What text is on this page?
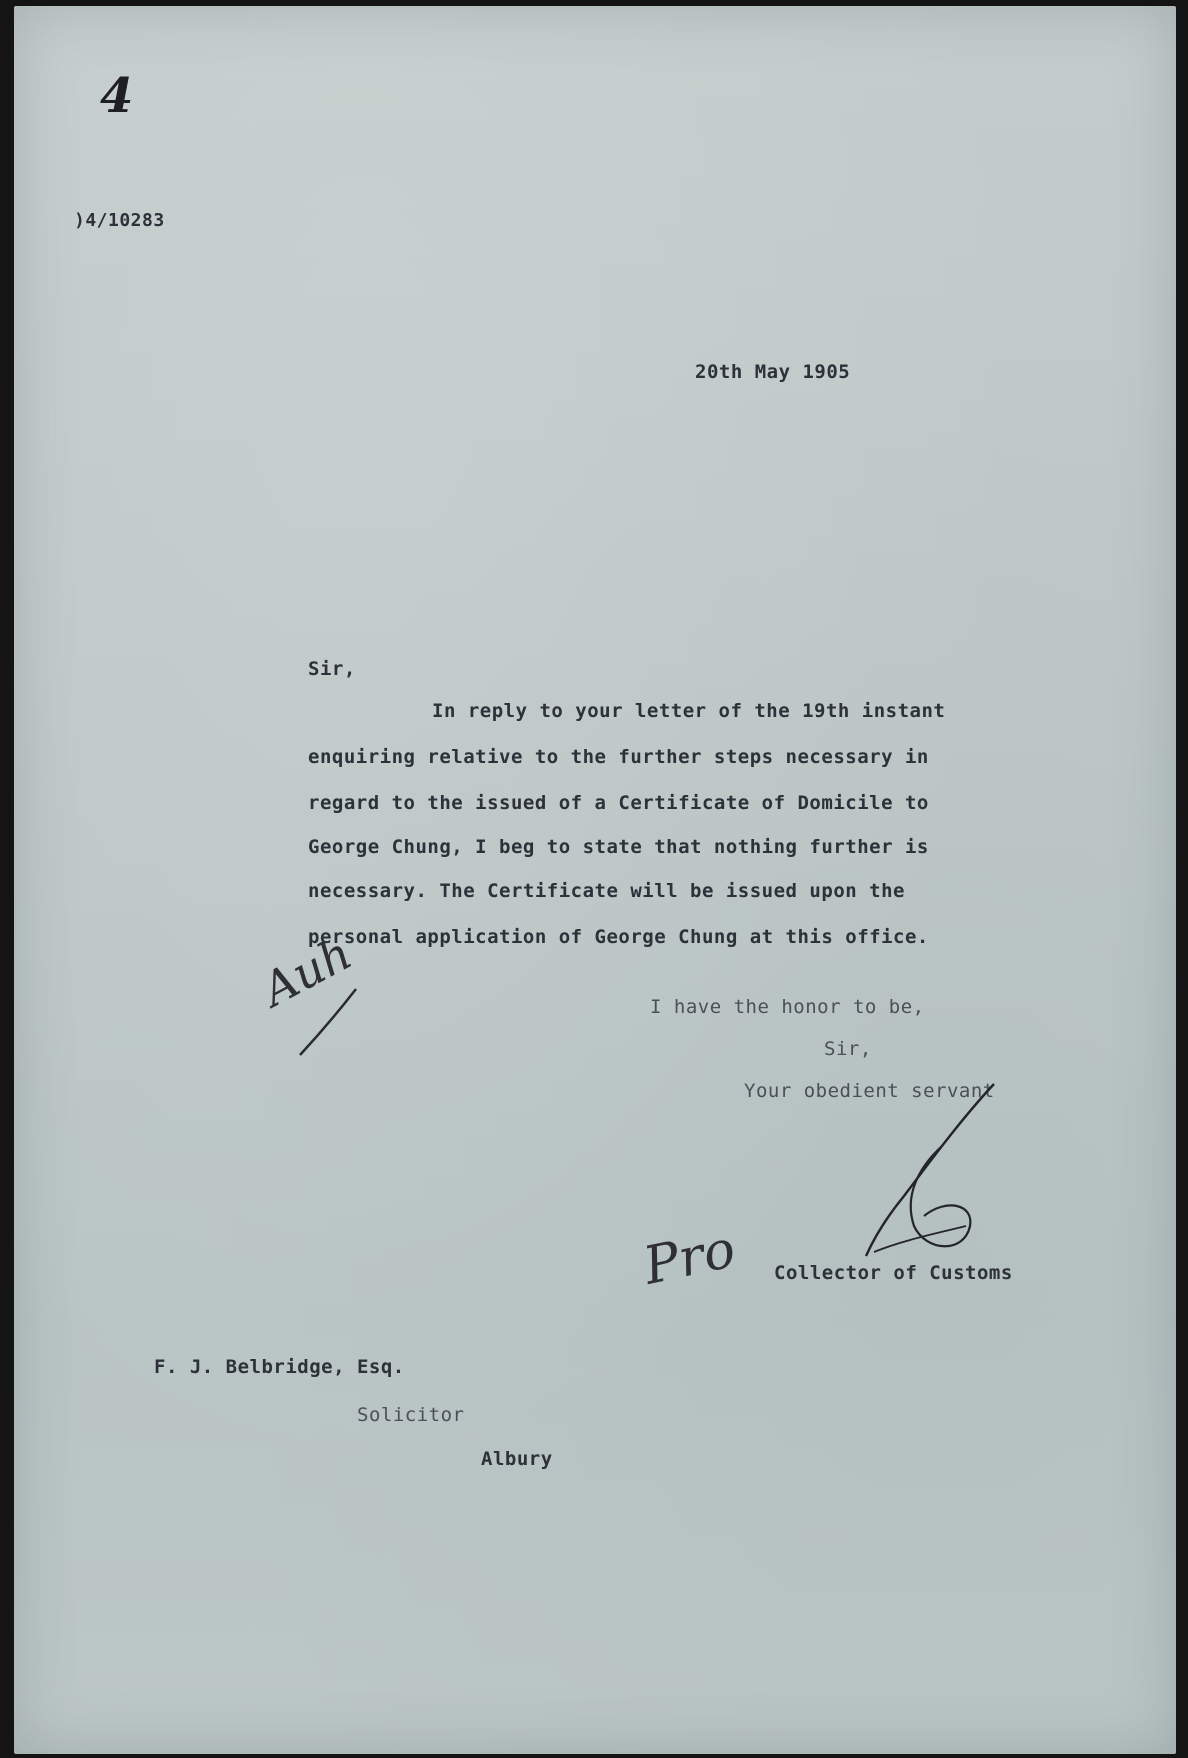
4
)4/10283
20th May 1905
Sir,
In reply to your letter of the 19th instant
enquiring relative to the further steps necessary in
regard to the issued of a Certificate of Domicile to
George Chung, I beg to state that nothing further is
necessary. The Certificate will be issued upon the
personal application of George Chung at this office.
Auh	I have the honor to be,
Sir,
Your obedient servant
Pro Collector of Customs
F. J. Belbridge, Esq.
Solicitor
Albury
